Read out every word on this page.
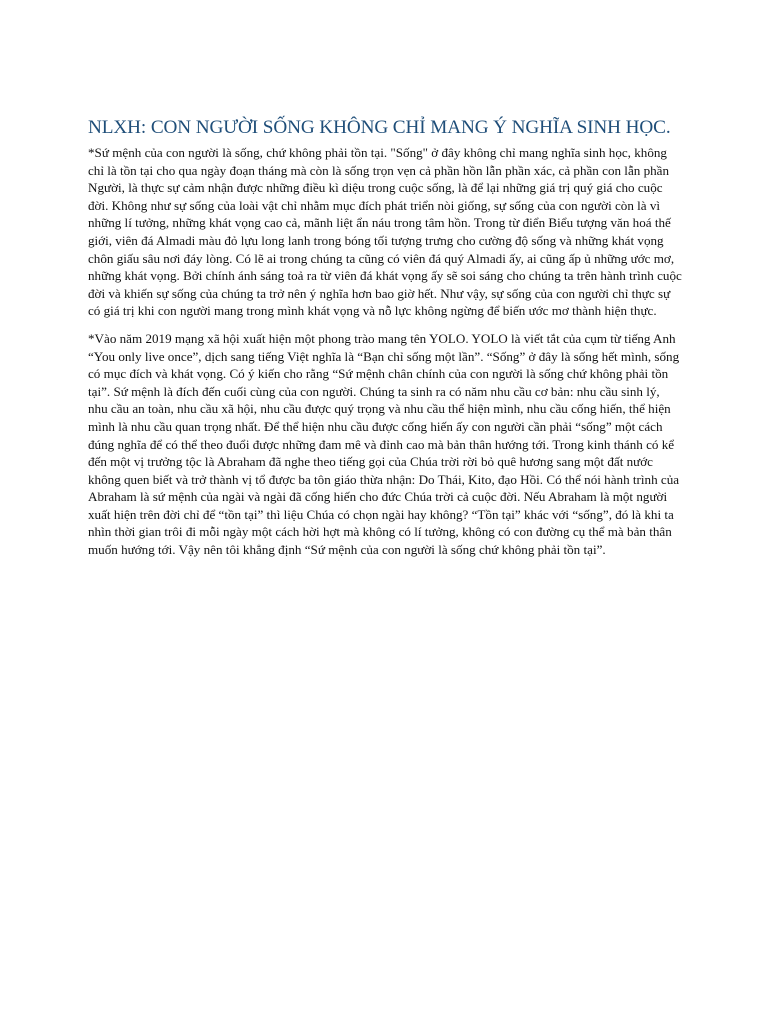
NLXH: CON NGƯỜI SỐNG KHÔNG CHỈ MANG Ý NGHĨA SINH HỌC.

*Sứ mệnh của con người là sống, chứ không phải tồn tại. "Sống" ở đây không chỉ mang nghĩa sinh học, không chỉ là tồn tại cho qua ngày đoạn tháng mà còn là sống trọn vẹn cả phần hồn lẫn phần xác, cả phần con lẫn phần Người, là thực sự cảm nhận được những điều kì diệu trong cuộc sống, là để lại những giá trị quý giá cho cuộc đời. Không như sự sống của loài vật chỉ nhằm mục đích phát triển nòi giống, sự sống của con người còn là vì những lí tưởng, những khát vọng cao cả, mãnh liệt ẩn náu trong tâm hồn. Trong từ điển Biểu tượng văn hoá thế giới, viên đá Almadi màu đỏ lựu long lanh trong bóng tối tượng trưng cho cường độ sống và những khát vọng chôn giấu sâu nơi đáy lòng. Có lẽ ai trong chúng ta cũng có viên đá quý Almadi ấy, ai cũng ấp ủ những ước mơ, những khát vọng. Bởi chính ánh sáng toả ra từ viên đá khát vọng ấy sẽ soi sáng cho chúng ta trên hành trình cuộc đời và khiến sự sống của chúng ta trở nên ý nghĩa hơn bao giờ hết. Như vậy, sự sống của con người chỉ thực sự có giá trị khi con người mang trong mình khát vọng và nỗ lực không ngừng để biến ước mơ thành hiện thực.

*Vào năm 2019 mạng xã hội xuất hiện một phong trào mang tên YOLO. YOLO là viết tắt của cụm từ tiếng Anh “You only live once”, dịch sang tiếng Việt nghĩa là “Bạn chỉ sống một lần”. “Sống” ở đây là sống hết mình, sống có mục đích và khát vọng. Có ý kiến cho rằng “Sứ mệnh chân chính của con người là sống chứ không phải tồn tại”. Sứ mệnh là đích đến cuối cùng của con người. Chúng ta sinh ra có năm nhu cầu cơ bản: nhu cầu sinh lý, nhu cầu an toàn, nhu cầu xã hội, nhu cầu được quý trọng và nhu cầu thể hiện mình, nhu cầu cống hiến, thể hiện mình là nhu cầu quan trọng nhất. Để thể hiện nhu cầu được cống hiến ấy con người cần phải “sống” một cách đúng nghĩa để có thể theo đuổi được những đam mê và đỉnh cao mà bản thân hướng tới. Trong kinh thánh có kể đến một vị trưởng tộc là Abraham đã nghe theo tiếng gọi của Chúa trời rời bỏ quê hương sang một đất nước không quen biết và trở thành vị tổ được ba tôn giáo thừa nhận: Do Thái, Kito, đạo Hồi. Có thể nói hành trình của Abraham là sứ mệnh của ngài và ngài đã cống hiến cho đức Chúa trời cả cuộc đời. Nếu Abraham là một người xuất hiện trên đời chỉ để “tồn tại” thì liệu Chúa có chọn ngài hay không? “Tồn tại” khác với “sống”, đó là khi ta nhìn thời gian trôi đi mỗi ngày một cách hời hợt mà không có lí tưởng, không có con đường cụ thể mà bản thân muốn hướng tới. Vậy nên tôi khẳng định “Sứ mệnh của con người là sống chứ không phải tồn tại”.
